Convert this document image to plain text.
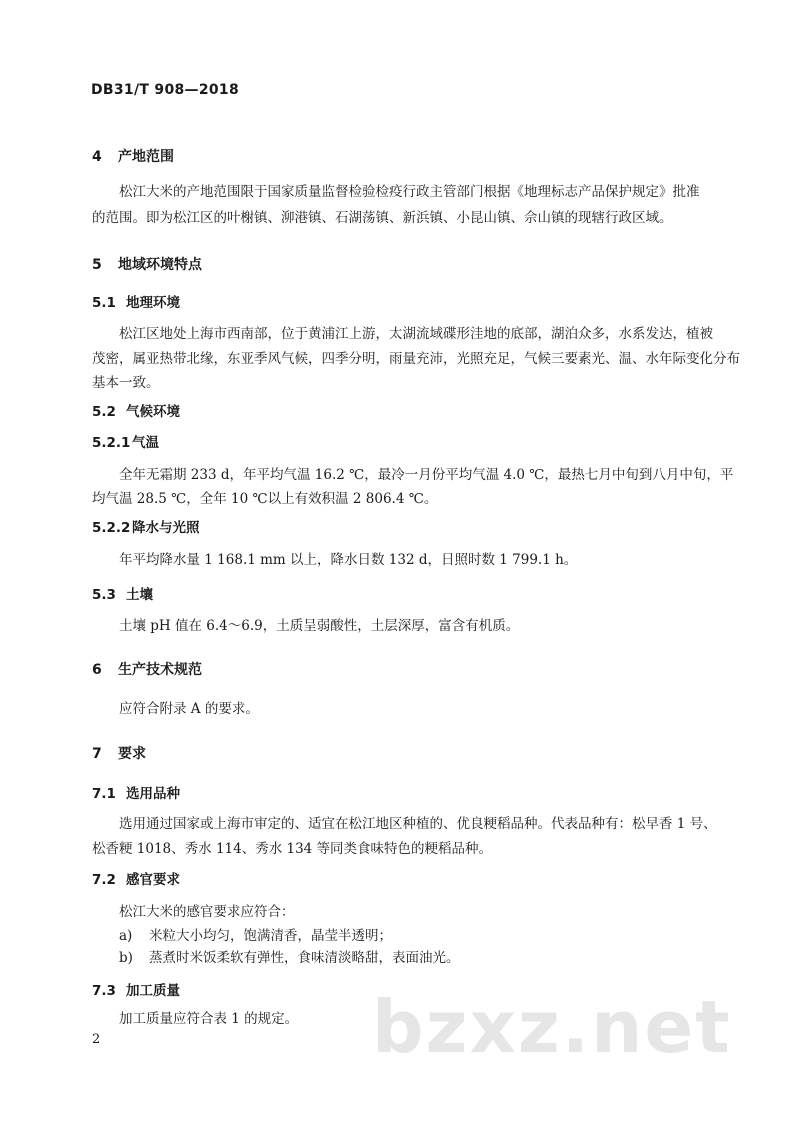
DB31/T 908—2018
4 产地范围
松江大米的产地范围限于国家质量监督检验检疫行政主管部门根据《地理标志产品保护规定》批准
的范围。即为松江区的叶榭镇、泖港镇、石湖荡镇、新浜镇、小昆山镇、佘山镇的现辖行政区域。
5 地域环境特点
5.1 地理环境
松江区地处上海市西南部，位于黄浦江上游，太湖流域碟形洼地的底部，湖泊众多，水系发达，植被
茂密，属亚热带北缘，东亚季风气候，四季分明，雨量充沛，光照充足，气候三要素光、温、水年际变化分布
基本一致。
5.2 气候环境
5.2.1 气温
全年无霜期 233 d，年平均气温 16.2 ℃，最冷一月份平均气温 4.0 ℃，最热七月中旬到八月中旬，平
均气温 28.5 ℃，全年 10 ℃以上有效积温 2 806.4 ℃。
5.2.2 降水与光照
年平均降水量 1 168.1 mm 以上，降水日数 132 d，日照时数 1 799.1 h。
5.3 土壤
土壤 pH 值在 6.4～6.9，土质呈弱酸性，土层深厚，富含有机质。
6 生产技术规范
应符合附录 A 的要求。
7 要求
7.1 选用品种
选用通过国家或上海市审定的、适宜在松江地区种植的、优良粳稻品种。代表品种有：松早香 1 号、
松香粳 1018、秀水 114、秀水 134 等同类食味特色的粳稻品种。
7.2 感官要求
松江大米的感官要求应符合：
a) 米粒大小均匀，饱满清香，晶莹半透明；
b) 蒸煮时米饭柔软有弹性，食味清淡略甜，表面油光。
7.3 加工质量
加工质量应符合表 1 的规定。 bzxz.net
2
